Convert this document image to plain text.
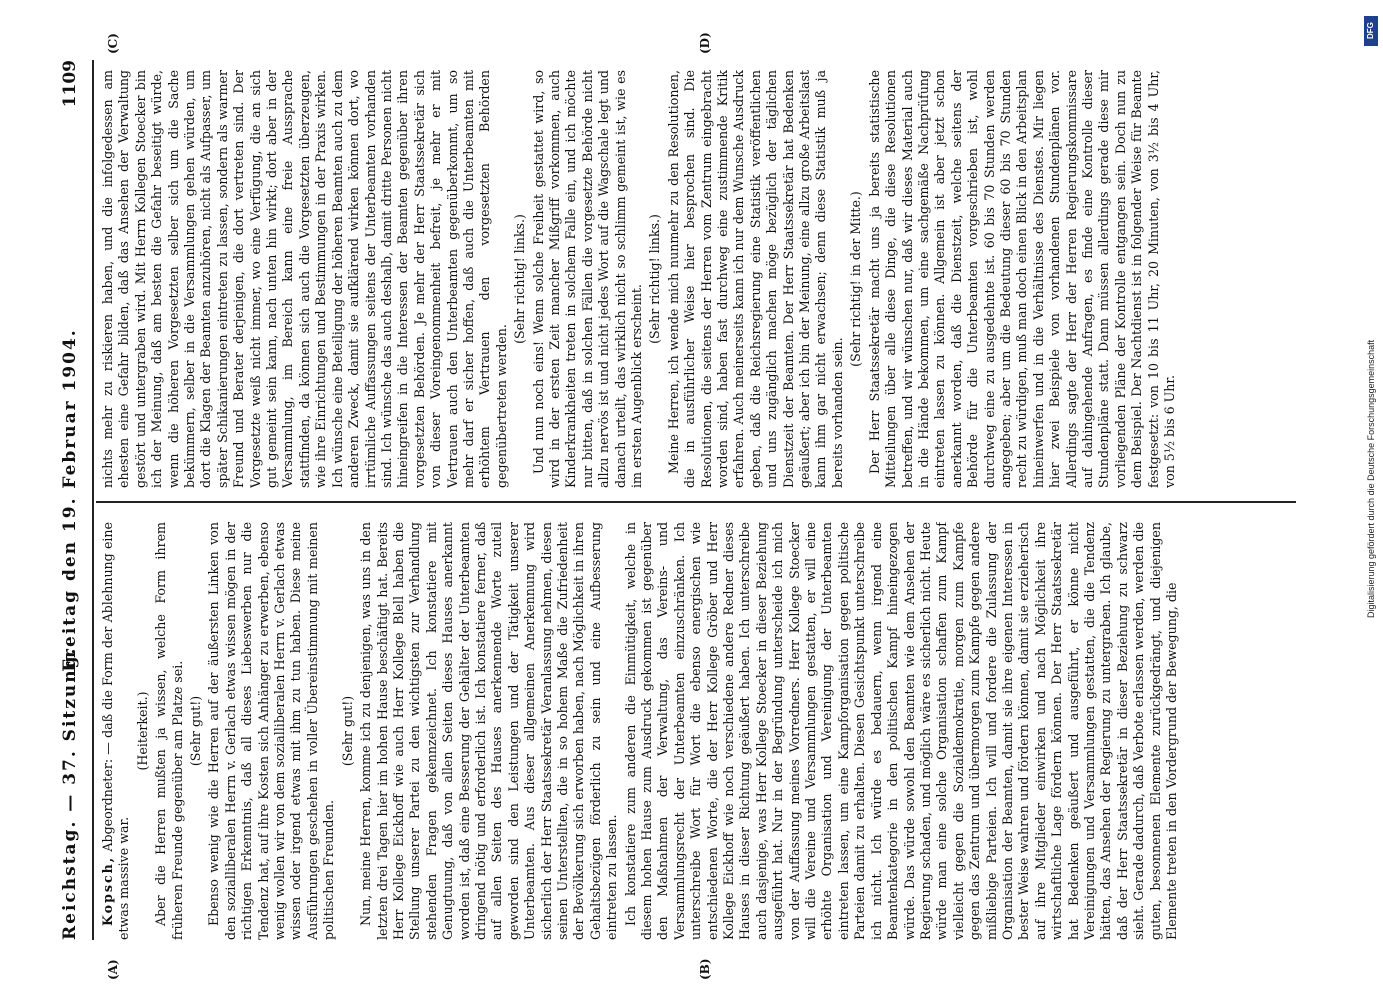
Reichstag. — 37. Sitzung.
Freitag den 19. Februar 1904.
1109
(A)	(B)
(C)	(D)

Kopsch, Abgeordneter: — daß die Form der Ablehnung eine etwas massive war.

(Heiterkeit.) Aber die Herren mußten ja wissen, welche Form ihrem früheren Freunde gegenüber am Platze sei. (Sehr gut!) Ebenso wenig wie die Herren auf der äußersten Linken von den sozialliberalen Herrn v. Gerlach etwas wissen mögen in der richtigen Erkenntnis, daß all dieses Liebeswerben nur die Tendenz hat, auf ihre Kosten sich Anhänger zu erwerben, ebenso wenig wollen wir von dem sozialliberalen Herrn v. Gerlach etwas wissen oder irgend etwas mit ihm zu tun haben. Diese meine Ausführungen geschehen in voller Übereinstimmung mit meinen politischen Freunden.

(Sehr gut!) Nun, meine Herren, komme ich zu denjenigen, was uns in den letzten drei Tagen hier im hohen Hause beschäftigt hat. Bereits Herr Kollege Eickhoff wie auch Herr Kollege Blell haben die Stellung unserer Partei zu den wichtigsten zur Verhandlung stehenden Fragen gekennzeichnet. Ich konstatiere mit Genugtuung, daß von allen Seiten dieses Hauses anerkannt worden ist, daß eine Besserung der Gehälter der Unterbeamten dringend nötig und erforderlich ist. Ich konstatiere ferner, daß auf allen Seiten des Hauses anerkennende Worte zuteil geworden sind den Leistungen und der Tätigkeit unserer Unterbeamten. Aus dieser allgemeinen Anerkennung wird sicherlich der Herr Staatssekretär Veranlassung nehmen, diesen seinen Unterstellten, die in so hohem Maße die Zufriedenheit der Bevölkerung sich erworben haben, nach Möglichkeit in ihren Gehaltsbezügen förderlich zu sein und eine Aufbesserung eintreten zu lassen. Ich konstatiere zum anderen die Einmütigkeit, welche in diesem hohen Hause zum Ausdruck gekommen ist gegenüber den Maßnahmen der Verwaltung, das Vereins- und Versammlungsrecht der Unterbeamten einzuschränken. Ich unterschreibe Wort für Wort die ebenso energischen wie entschiedenen Worte, die der Herr Kollege Gröber und Herr Kollege Eickhoff wie noch verschiedene andere Redner dieses Hauses in dieser Richtung geäußert haben. Ich unterschreibe auch dasjenige, was Herr Kollege Stoecker in dieser Beziehung ausgeführt hat. Nur in der Begründung unterscheide ich mich von der Auffassung meines Vorredners. Herr Kollege Stoecker will die Vereine und Versammlungen gestatten, er will eine erhöhte Organisation und Vereinigung der Unterbeamten eintreten lassen, um eine Kampforganisation gegen politische Parteien damit zu erhalten. Diesen Gesichtspunkt unterschreibe ich nicht. Ich würde es bedauern, wenn irgend eine Beamtenkategorie in den politischen Kampf hineingezogen würde. Das würde sowohl den Beamten wie dem Ansehen der Regierung schaden, und möglich wäre es sicherlich nicht. Heute würde man eine solche Organisation schaffen zum Kampf vielleicht gegen die Sozialdemokratie, morgen zum Kampfe gegen das Zentrum und übermorgen zum Kampfe gegen andere mißliebige Parteien. Ich will und fordere die Zulassung der Organisation der Beamten, damit sie ihre eigenen Interessen in bester Weise wahren und fördern können, damit sie erzieherisch auf ihre Mitglieder einwirken und nach Möglichkeit ihre wirtschaftliche Lage fördern können. Der Herr Staatssekretär hat Bedenken geäußert und ausgeführt, er könne nicht Vereinigungen und Versammlungen gestatten, die die Tendenz hätten, das Ansehen der Regierung zu untergraben. Ich glaube, daß der Herr Staatssekretär in dieser Beziehung zu schwarz sieht. Gerade dadurch, daß Verbote erlassen werden, werden die guten, besonnenen Elemente zurückgedrängt, und diejenigen Elemente treten in den Vordergrund der Bewegung, die

nichts mehr zu riskieren haben, und die infolgedessen am ehesten eine Gefahr bilden, daß das Ansehen der Verwaltung gestört und untergraben wird. Mit Herrn Kollegen Stoecker bin ich der Meinung, daß am besten die Gefahr beseitigt würde, wenn die höheren Vorgesetzten selber sich um die Sache bekümmern, selber in die Versammlungen gehen würden, um dort die Klagen der Beamten anzuhören, nicht als Aufpasser, um später Schikanierungen eintreten zu lassen, sondern als warmer Freund und Berater derjenigen, die dort vertreten sind. Der Vorgesetzte weiß nicht immer, wo eine Verfügung, die an sich gut gemeint sein kann, nach unten hin wirkt; dort aber in der Versammlung, im Bereich kann eine freie Aussprache stattfinden, da können sich auch die Vorgesetzten überzeugen, wie ihre Einrichtungen und Bestimmungen in der Praxis wirken. Ich wünsche eine Beteiligung der höheren Beamten auch zu dem anderen Zweck, damit sie aufklärend wirken können dort, wo irrtümliche Auffassungen seitens der Unterbeamten vorhanden sind. Ich wünsche das auch deshalb, damit dritte Personen nicht hineingreifen in die Interessen der Beamten gegenüber ihren vorgesetzten Behörden. Je mehr der Herr Staatssekretär sich von dieser Voreingenommenheit befreit, je mehr er mit Vertrauen auch den Unterbeamten gegenüberkommt, um so mehr darf er sicher hoffen, daß auch die Unterbeamten mit erhöhtem Vertrauen den vorgesetzten Behörden gegenübertreten werden.

(Sehr richtig! links.) Und nun noch eins! Wenn solche Freiheit gestattet wird, so wird in der ersten Zeit mancher Mißgriff vorkommen, auch Kinderkrankheiten treten in solchem Falle ein, und ich möchte nur bitten, daß in solchen Fällen die vorgesetzte Behörde nicht allzu nervös ist und nicht jedes Wort auf die Wagschale legt und danach urteilt, das wirklich nicht so schlimm gemeint ist, wie es im ersten Augenblick erscheint.

(Sehr richtig! links.) Meine Herren, ich wende mich nunmehr zu den Resolutionen, die in ausführlicher Weise hier besprochen sind. Die Resolutionen, die seitens der Herren vom Zentrum eingebracht worden sind, haben fast durchweg eine zustimmende Kritik erfahren. Auch meinerseits kann ich nur dem Wunsche Ausdruck geben, daß die Reichsregierung eine Statistik veröffentlichen und uns zugänglich machen möge bezüglich der täglichen Dienstzeit der Beamten. Der Herr Staatssekretär hat Bedenken geäußert; aber ich bin der Meinung, eine allzu große Arbeitslast kann ihm gar nicht erwachsen; denn diese Statistik muß ja bereits vorhanden sein.

(Sehr richtig! in der Mitte.) Der Herr Staatssekretär macht uns ja bereits statistische Mitteilungen über alle diese Dinge, die diese Resolutionen betreffen, und wir wünschen nur, daß wir dieses Material auch in die Hände bekommen, um eine sachgemäße Nachprüfung eintreten lassen zu können. Allgemein ist aber jetzt schon anerkannt worden, daß die Dienstzeit, welche seitens der Behörde für die Unterbeamten vorgeschrieben ist, wohl durchweg eine zu ausgedehnte ist. 60 bis 70 Stunden werden angegeben; aber um die Bedeutung dieser 60 bis 70 Stunden recht zu würdigen, muß man doch einen Blick in den Arbeitsplan hineinwerfen und in die Verhältnisse des Dienstes. Mir liegen hier zwei Beispiele von vorhandenen Stundenplänen vor. Allerdings sagte der Herr der Herren Regierungskommissare auf dahingehende Anfragen, es finde eine Kontrolle dieser Stundenpläne statt. Dann müssen allerdings gerade diese mir vorliegenden Pläne der Kontrolle entgangen sein. Doch nun zu dem Beispiel. Der Nachtdienst ist in folgender Weise für Beamte festgesetzt: von 10 bis 11 Uhr, 20 Minuten, von 3½ bis 4 Uhr, von 5½ bis 6 Uhr.	Digitalisierung gefördert durch die Deutsche Forschungsgemeinschaft
DFG
